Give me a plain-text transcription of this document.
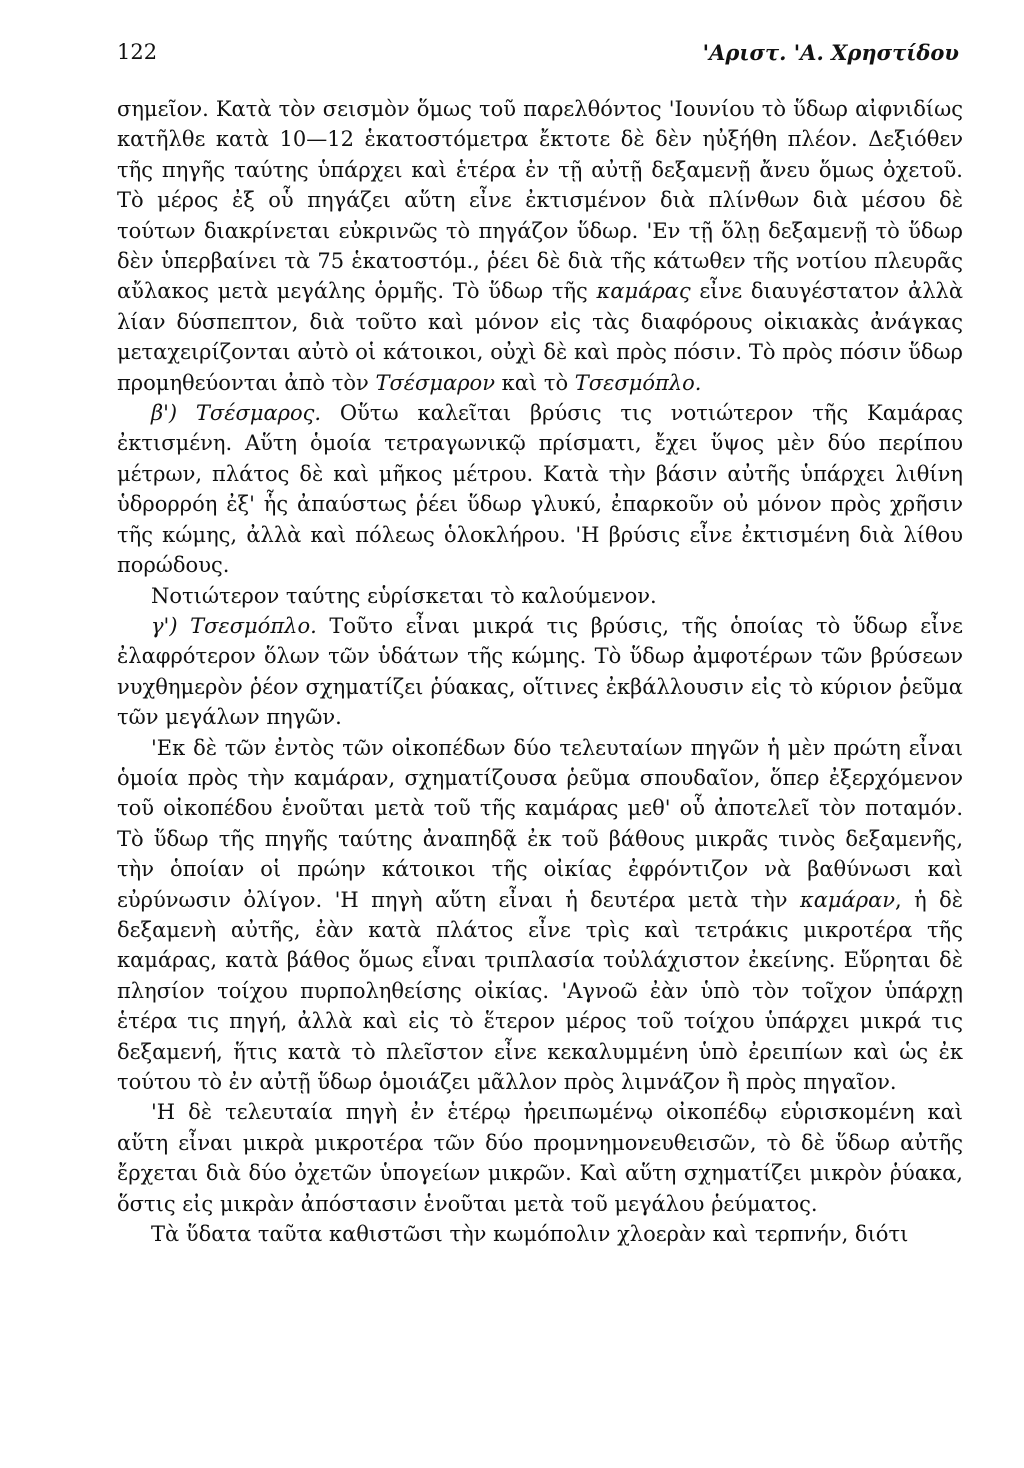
122	'Αριστ. 'Α. Χρηστίδου

σημεῖον. Κατὰ τὸν σεισμὸν ὅμως τοῦ παρελθόντος 'Ιουνίου τὸ ὕδωρ αἰφνιδίως κατῆλθε κατὰ 10—12 ἑκατοστόμετρα ἔκτοτε δὲ δὲν ηὐξήθη πλέον. Δεξιόθεν τῆς πηγῆς ταύτης ὑπάρχει καὶ ἑτέρα ἐν τῇ αὐτῇ δεξαμενῇ ἄνευ ὅμως ὀχετοῦ. Τὸ μέρος ἐξ οὗ πηγάζει αὕτη εἶνε ἐκτισμένον διὰ πλίνθων διὰ μέσου δὲ τούτων διακρίνεται εὐκρινῶς τὸ πηγάζον ὕδωρ. 'Εν τῇ ὅλῃ δεξαμενῇ τὸ ὕδωρ δὲν ὑπερβαίνει τὰ 75 ἑκατοστόμ., ῥέει δὲ διὰ τῆς κάτωθεν τῆς νοτίου πλευρᾶς αὔλακος μετὰ μεγάλης ὁρμῆς. Τὸ ὕδωρ τῆς καμάρας εἶνε διαυγέστατον ἀλλὰ λίαν δύσπεπτον, διὰ τοῦτο καὶ μόνον εἰς τὰς διαφόρους οἰκιακὰς ἀνάγκας μεταχειρίζονται αὐτὸ οἱ κάτοικοι, οὐχὶ δὲ καὶ πρὸς πόσιν. Τὸ πρὸς πόσιν ὕδωρ προμηθεύονται ἀπὸ τὸν Τσέσμαρον καὶ τὸ Τσεσμόπλο.

β') Τσέσμαρος. Οὕτω καλεῖται βρύσις τις νοτιώτερον τῆς Καμάρας ἐκτισμένη. Αὕτη ὁμοία τετραγωνικῷ πρίσματι, ἔχει ὕψος μὲν δύο περίπου μέτρων, πλάτος δὲ καὶ μῆκος μέτρου. Κατὰ τὴν βάσιν αὐτῆς ὑπάρχει λιθίνη ὑδρορρόη ἐξ' ἧς ἀπαύστως ῥέει ὕδωρ γλυκύ, ἐπαρκοῦν οὐ μόνον πρὸς χρῆσιν τῆς κώμης, ἀλλὰ καὶ πόλεως ὁλοκλήρου. 'Η βρύσις εἶνε ἐκτισμένη διὰ λίθου πορώδους.

Νοτιώτερον ταύτης εὑρίσκεται τὸ καλούμενον.

γ') Τσεσμόπλο. Τοῦτο εἶναι μικρά τις βρύσις, τῆς ὁποίας τὸ ὕδωρ εἶνε ἐλαφρότερον ὅλων τῶν ὑδάτων τῆς κώμης. Τὸ ὕδωρ ἀμφοτέρων τῶν βρύσεων νυχθημερὸν ῥέον σχηματίζει ῥύακας, οἵτινες ἐκβάλλουσιν εἰς τὸ κύριον ῥεῦμα τῶν μεγάλων πηγῶν.

'Εκ δὲ τῶν ἐντὸς τῶν οἰκοπέδων δύο τελευταίων πηγῶν ἡ μὲν πρώτη εἶναι ὁμοία πρὸς τὴν καμάραν, σχηματίζουσα ῥεῦμα σπουδαῖον, ὅπερ ἐξερχόμενον τοῦ οἰκοπέδου ἑνοῦται μετὰ τοῦ τῆς καμάρας μεθ' οὗ ἀποτελεῖ τὸν ποταμόν. Τὸ ὕδωρ τῆς πηγῆς ταύτης ἀναπηδᾷ ἐκ τοῦ βάθους μικρᾶς τινὸς δεξαμενῆς, τὴν ὁποίαν οἱ πρώην κάτοικοι τῆς οἰκίας ἐφρόντιζον νὰ βαθύνωσι καὶ εὐρύνωσιν ὀλίγον. 'Η πηγὴ αὕτη εἶναι ἡ δευτέρα μετὰ τὴν καμάραν, ἡ δὲ δεξαμενὴ αὐτῆς, ἐὰν κατὰ πλάτος εἶνε τρὶς καὶ τετράκις μικροτέρα τῆς καμάρας, κατὰ βάθος ὅμως εἶναι τριπλασία τοὐλάχιστον ἐκείνης. Εὕρηται δὲ πλησίον τοίχου πυρποληθείσης οἰκίας. 'Αγνοῶ ἐὰν ὑπὸ τὸν τοῖχον ὑπάρχῃ ἑτέρα τις πηγή, ἀλλὰ καὶ εἰς τὸ ἕτερον μέρος τοῦ τοίχου ὑπάρχει μικρά τις δεξαμενή, ἥτις κατὰ τὸ πλεῖστον εἶνε κεκαλυμμένη ὑπὸ ἐρειπίων καὶ ὡς ἐκ τούτου τὸ ἐν αὐτῇ ὕδωρ ὁμοιάζει μᾶλλον πρὸς λιμνάζον ἢ πρὸς πηγαῖον.

'Η δὲ τελευταία πηγὴ ἐν ἑτέρῳ ἠρειπωμένῳ οἰκοπέδῳ εὑρισκομένη καὶ αὕτη εἶναι μικρὰ μικροτέρα τῶν δύο προμνημονευθεισῶν, τὸ δὲ ὕδωρ αὐτῆς ἔρχεται διὰ δύο ὀχετῶν ὑπογείων μικρῶν. Καὶ αὕτη σχηματίζει μικρὸν ῥύακα, ὅστις εἰς μικρὰν ἀπόστασιν ἑνοῦται μετὰ τοῦ μεγάλου ῥεύματος.

Τὰ ὕδατα ταῦτα καθιστῶσι τὴν κωμόπολιν χλοερὰν καὶ τερπνήν, διότι
